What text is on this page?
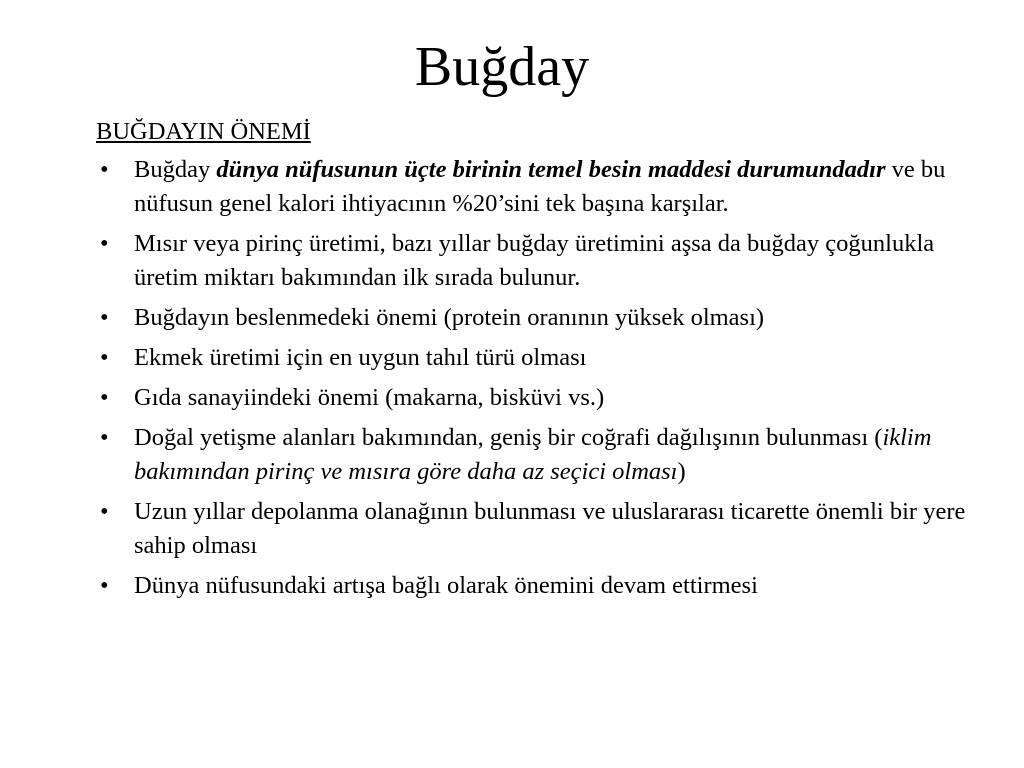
Buğday
BUĞDAYIN ÖNEMİ
• Buğday dünya nüfusunun üçte birinin temel besin maddesi durumundadır ve bu nüfusun genel kalori ihtiyacının %20’sini tek başına karşılar.
• Mısır veya pirinç üretimi, bazı yıllar buğday üretimini aşsa da buğday çoğunlukla üretim miktarı bakımından ilk sırada bulunur.
• Buğdayın beslenmedeki önemi (protein oranının yüksek olması)
• Ekmek üretimi için en uygun tahıl türü olması
• Gıda sanayiindeki önemi (makarna, bisküvi vs.)
• Doğal yetişme alanları bakımından, geniş bir coğrafi dağılışının bulunması (iklim bakımından pirinç ve mısıra göre daha az seçici olması)
• Uzun yıllar depolanma olanağının bulunması ve uluslararası ticarette önemli bir yere sahip olması
• Dünya nüfusundaki artışa bağlı olarak önemini devam ettirmesi
